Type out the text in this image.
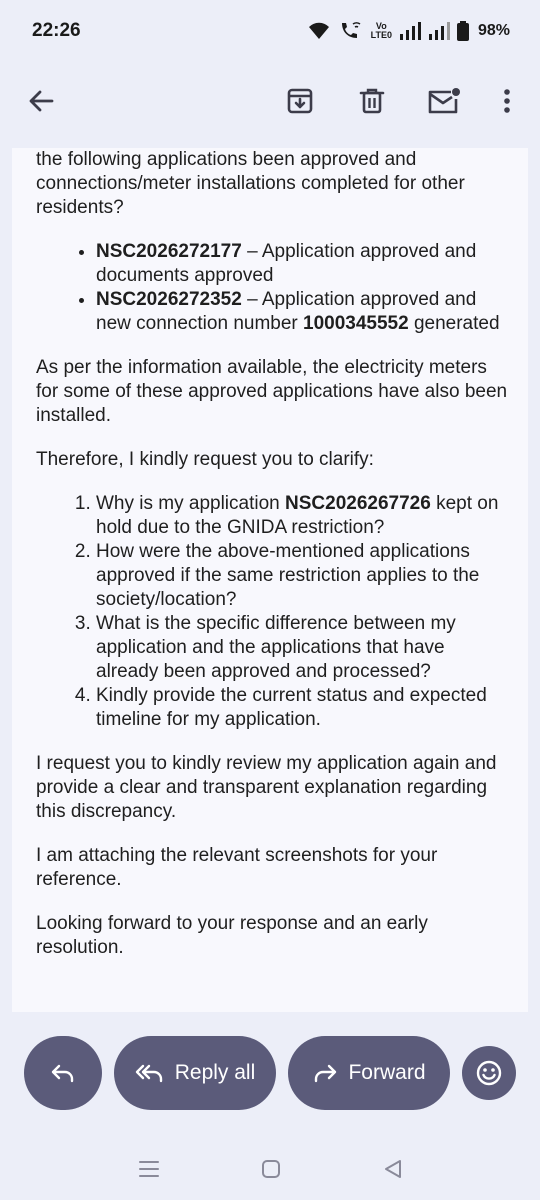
22:26	Vo
LTE0	98%

the following applications been approved and connections/meter installations completed for other residents?

• NSC2026272177 – Application approved and documents approved
• NSC2026272352 – Application approved and new connection number 1000345552 generated

As per the information available, the electricity meters for some of these approved applications have also been installed.

Therefore, I kindly request you to clarify:

1. Why is my application NSC2026267726 kept on hold due to the GNIDA restriction?
2. How were the above-mentioned applications approved if the same restriction applies to the society/location?
3. What is the specific difference between my application and the applications that have already been approved and processed?
4. Kindly provide the current status and expected timeline for my application.

I request you to kindly review my application again and provide a clear and transparent explanation regarding this discrepancy.

I am attaching the relevant screenshots for your reference.

Looking forward to your response and an early resolution.

Reply all	Forward
